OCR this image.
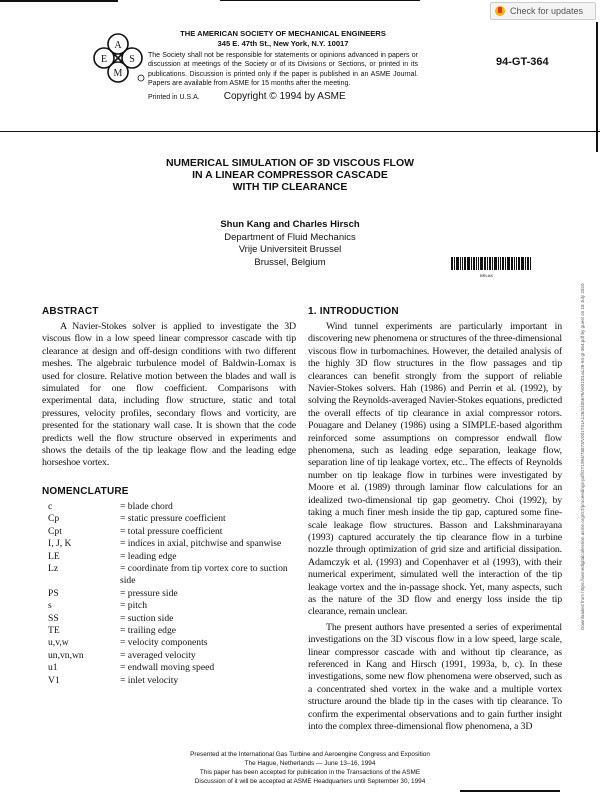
Check for updates
A
E S
M
THE AMERICAN SOCIETY OF MECHANICAL ENGINEERS
345 E. 47th St., New York, N.Y. 10017
The Society shall not be responsible for statements or opinions advanced in papers or discussion at meetings of the Society or of its Divisions or Sections, or printed in its publications. Discussion is printed only if the paper is published in an ASME Journal. Papers are available from ASME for 15 months after the meeting.
Printed in U.S.A. Copyright © 1994 by ASME
94-GT-364
NUMERICAL SIMULATION OF 3D VISCOUS FLOW
IN A LINEAR COMPRESSOR CASCADE
WITH TIP CLEARANCE
Shun Kang and Charles Hirsch
Department of Fluid Mechanics
Vrije Universiteit Brussel
Brussel, Belgium
BRLAK
ABSTRACT

A Navier-Stokes solver is applied to investigate the 3D viscous flow in a low speed linear compressor cascade with tip clearance at design and off-design conditions with two different meshes. The algebraic turbulence model of Baldwin-Lomax is used for closure. Relative motion between the blades and wall is simulated for one flow coefficient. Comparisons with experimental data, including flow structure, static and total pressures, velocity profiles, secondary flows and vorticity, are presented for the stationary wall case. It is shown that the code predicts well the flow structure observed in experiments and shows the details of the tip leakage flow and the leading edge horseshoe vortex.

NOMENCLATURE
c	= blade chord
Cp	= static pressure coefficient
Cpt	= total pressure coefficient
I, J, K	= indices in axial, pitchwise and spanwise
LE	= leading edge
Lz	= coordinate from tip vortex core to suction side
PS	= pressure side
s	= pitch
SS	= suction side
TE	= trailing edge
u,v,w	= velocity components
un,vn,wn	= averaged velocity
u1	= endwall moving speed
V1	= inlet velocity
1. INTRODUCTION

Wind tunnel experiments are particularly important in discovering new phenomena or structures of the three-dimensional viscous flow in turbomachines. However, the detailed analysis of the highly 3D flow structures in the flow passages and tip clearances can benefit strongly from the support of reliable Navier-Stokes solvers. Hah (1986) and Perrin et al. (1992), by solving the Reynolds-averaged Navier-Stokes equations, predicted the overall effects of tip clearance in axial compressor rotors. Pouagare and Delaney (1986) using a SIMPLE-based algorithm reinforced some assumptions on compressor endwall flow phenomena, such as leading edge separation, leakage flow, separation line of tip leakage vortex, etc.. The effects of Reynolds number on tip leakage flow in turbines were investigated by Moore et al. (1989) through laminar flow calculations for an idealized two-dimensional tip gap geometry. Choi (1992), by taking a much finer mesh inside the tip gap, captured some fine-scale leakage flow structures. Basson and Lakshminarayana (1993) captured accurately the tip clearance flow in a turbine nozzle through optimization of grid size and artificial dissipation. Adamczyk et al. (1993) and Copenhaver et al (1993), with their numerical experiment, simulated well the interaction of the tip leakage vortex and the in-passage shock. Yet, many aspects, such as the nature of the 3D flow and energy loss inside the tip clearance, remain unclear.

The present authors have presented a series of experimental investigations on the 3D viscous flow in a low speed, large scale, linear compressor cascade with and without tip clearance, as referenced in Kang and Hirsch (1991, 1993a, b, c). In these investigations, some new flow phenomena were observed, such as a concentrated shed vortex in the wake and a multiple vortex structure around the blade tip in the cases with tip clearance. To confirm the experimental observations and to gain further insight into the complex three-dimensional flow phenomena, a 3D

Presented at the International Gas Turbine and Aeroengine Congress and Exposition
The Hague, Netherlands — June 13–16, 1994
This paper has been accepted for publication in the Transactions of the ASME
Discussion of it will be accepted at ASME Headquarters until September 30, 1994
Downloaded from https://asmedigitalcollection.asme.org/GT/proceedings-pdf/GT1994/78873/V001T01A126/2405676/v001t01a126-94-gt-364.pdf by guest on 18 July 2020
